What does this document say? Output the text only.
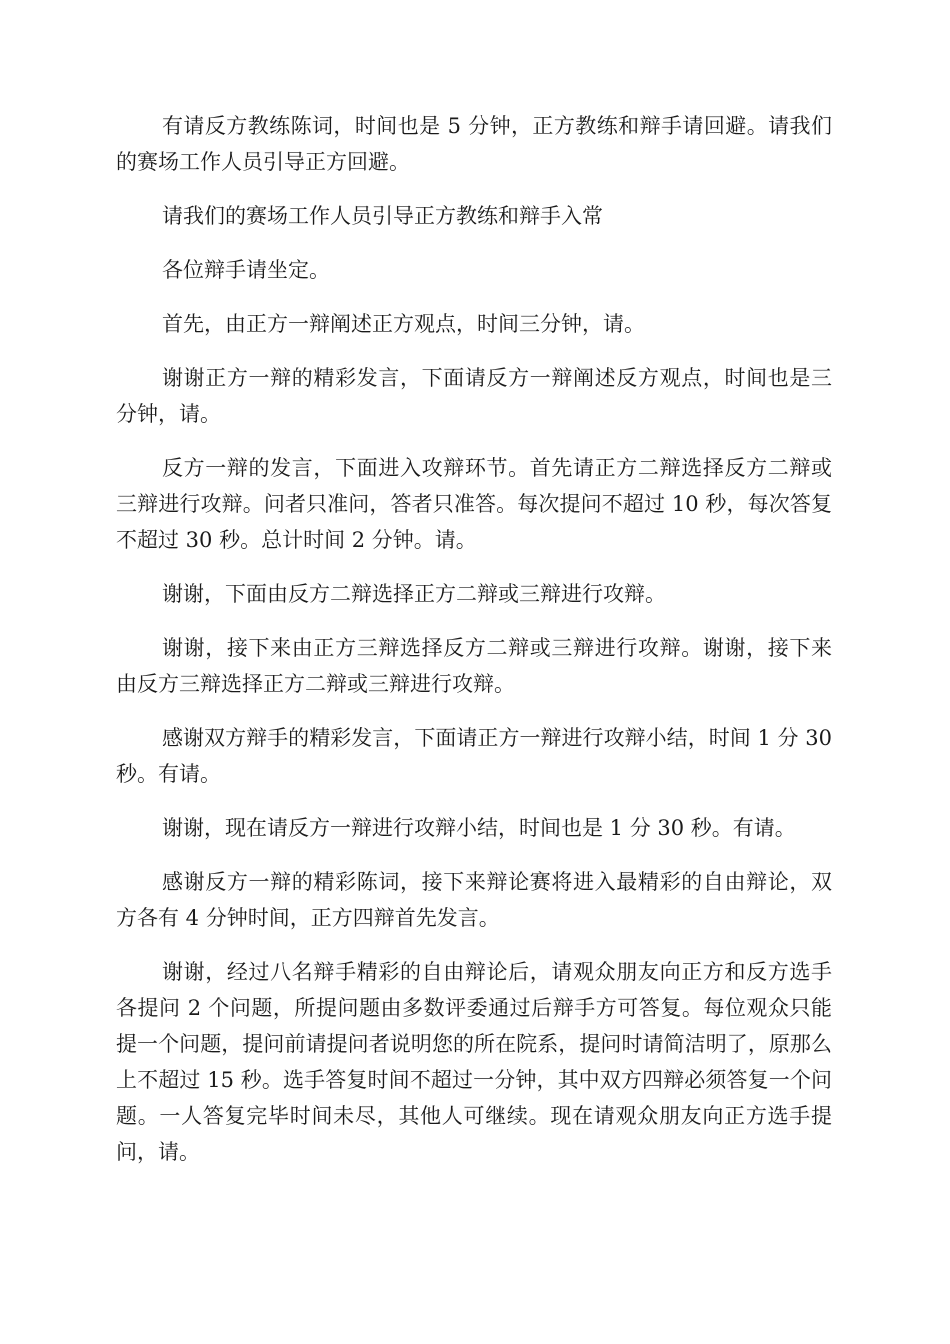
有请反方教练陈词，时间也是 5 分钟，正方教练和辩手请回避。请我们的赛场工作人员引导正方回避。

请我们的赛场工作人员引导正方教练和辩手入常

各位辩手请坐定。

首先，由正方一辩阐述正方观点，时间三分钟，请。

谢谢正方一辩的精彩发言，下面请反方一辩阐述反方观点，时间也是三分钟，请。

反方一辩的发言，下面进入攻辩环节。首先请正方二辩选择反方二辩或三辩进行攻辩。问者只准问，答者只准答。每次提问不超过 10 秒，每次答复不超过 30 秒。总计时间 2 分钟。请。

谢谢，下面由反方二辩选择正方二辩或三辩进行攻辩。

谢谢，接下来由正方三辩选择反方二辩或三辩进行攻辩。谢谢，接下来由反方三辩选择正方二辩或三辩进行攻辩。

感谢双方辩手的精彩发言，下面请正方一辩进行攻辩小结，时间 1 分 30 秒。有请。

谢谢，现在请反方一辩进行攻辩小结，时间也是 1 分 30 秒。有请。

感谢反方一辩的精彩陈词，接下来辩论赛将进入最精彩的自由辩论，双方各有 4 分钟时间，正方四辩首先发言。

谢谢，经过八名辩手精彩的自由辩论后，请观众朋友向正方和反方选手各提问 2 个问题，所提问题由多数评委通过后辩手方可答复。每位观众只能提一个问题，提问前请提问者说明您的所在院系，提问时请简洁明了，原那么上不超过 15 秒。选手答复时间不超过一分钟，其中双方四辩必须答复一个问题。一人答复完毕时间未尽，其他人可继续。现在请观众朋友向正方选手提问，请。
